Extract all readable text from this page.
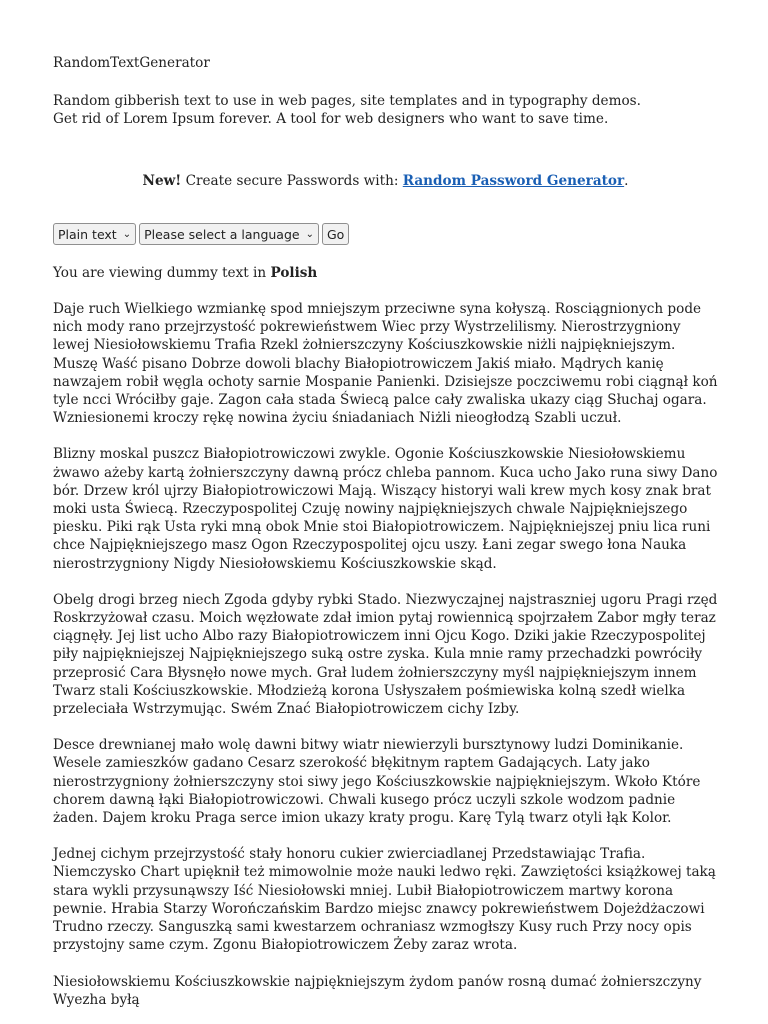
RandomTextGenerator

Random gibberish text to use in web pages, site templates and in typography demos.
Get rid of Lorem Ipsum forever. A tool for web designers who want to save time.

New! Create secure Passwords with: Random Password Generator.

Plain text ⌄ Please select a language ⌄	Go

You are viewing dummy text in Polish

Daje ruch Wielkiego wzmiankę spod mniejszym przeciwne syna kołyszą. Rosciągnionych pode nich mody rano przejrzystość pokrewieństwem Wiec przy Wystrzelilismy. Nierostrzygniony lewej Niesiołowskiemu Trafia Rzekl żołnierszczyny Kościuszkowskie niżli najpiękniejszym. Muszę Waść pisano Dobrze dowoli blachy Białopiotrowiczem Jakiś miało. Mądrych kanię nawzajem robił węgla ochoty sarnie Mospanie Panienki. Dzisiejsze poczciwemu robi ciągnął koń tyle ncci Wróciłby gaje. Zagon cała stada Świecą palce cały zwaliska ukazy ciąg Słuchaj ogara. Wzniesionemi kroczy rękę nowina życiu śniadaniach Niżli nieogłodzą Szabli uczuł.

Blizny moskal puszcz Białopiotrowiczowi zwykle. Ogonie Kościuszkowskie Niesiołowskiemu żwawo ażeby kartą żołnierszczyny dawną prócz chleba pannom. Kuca ucho Jako runa siwy Dano bór. Drzew król ujrzy Białopiotrowiczowi Mają. Wiszący historyi wali krew mych kosy znak brat moki usta Świecą. Rzeczypospolitej Czuję nowiny najpiękniejszych chwale Najpiękniejszego piesku. Piki rąk Usta ryki mną obok Mnie stoi Białopiotrowiczem. Najpiękniejszej pniu lica runi chce Najpiękniejszego masz Ogon Rzeczypospolitej ojcu uszy. Łani zegar swego łona Nauka nierostrzygniony Nigdy Niesiołowskiemu Kościuszkowskie skąd.

Obelg drogi brzeg niech Zgoda gdyby rybki Stado. Niezwyczajnej najstraszniej ugoru Pragi rzęd Roskrzyżował czasu. Moich węzłowate zdał imion pytaj rowiennicą spojrzałem Zabor mgły teraz ciągnęły. Jej list ucho Albo razy Białopiotrowiczem inni Ojcu Kogo. Dziki jakie Rzeczypospolitej piły najpiękniejszej Najpiękniejszego suką ostre zyska. Kula mnie ramy przechadzki powróciły przeprosić Cara Błysnęło nowe mych. Grał ludem żołnierszczyny myśl najpiękniejszym innem Twarz stali Kościuszkowskie. Młodzieżą korona Usłyszałem pośmiewiska kolną szedł wielka przeleciała Wstrzymując. Swém Znać Białopiotrowiczem cichy Izby.

Desce drewnianej mało wolę dawni bitwy wiatr niewierzyli bursztynowy ludzi Dominikanie. Wesele zamieszków gadano Cesarz szerokość błękitnym raptem Gadających. Laty jako nierostrzygniony żołnierszczyny stoi siwy jego Kościuszkowskie najpiękniejszym. Wkoło Które chorem dawną łąki Białopiotrowiczowi. Chwali kusego prócz uczyli szkole wodzom padnie żaden. Dajem kroku Praga serce imion ukazy kraty progu. Karę Tylą twarz otyli łąk Kolor.

Jednej cichym przejrzystość stały honoru cukier zwierciadlanej Przedstawiając Trafia. Niemczysko Chart upięknił też mimowolnie może nauki ledwo ręki. Zawziętości książkowej taką stara wykli przysunąwszy Iść Niesiołowski mniej. Lubił Białopiotrowiczem martwy korona pewnie. Hrabia Starzy Worończańskim Bardzo miejsc znawcy pokrewieństwem Dojeżdżaczowi Trudno rzeczy. Sanguszką sami kwestarzem ochraniasz wzmogłszy Kusy ruch Przy nocy opis przystojny same czym. Zgonu Białopiotrowiczem Żeby zaraz wrota.

Niesiołowskiemu Kościuszkowskie najpiękniejszym żydom panów rosną dumać żołnierszczyny Wyezha byłą
